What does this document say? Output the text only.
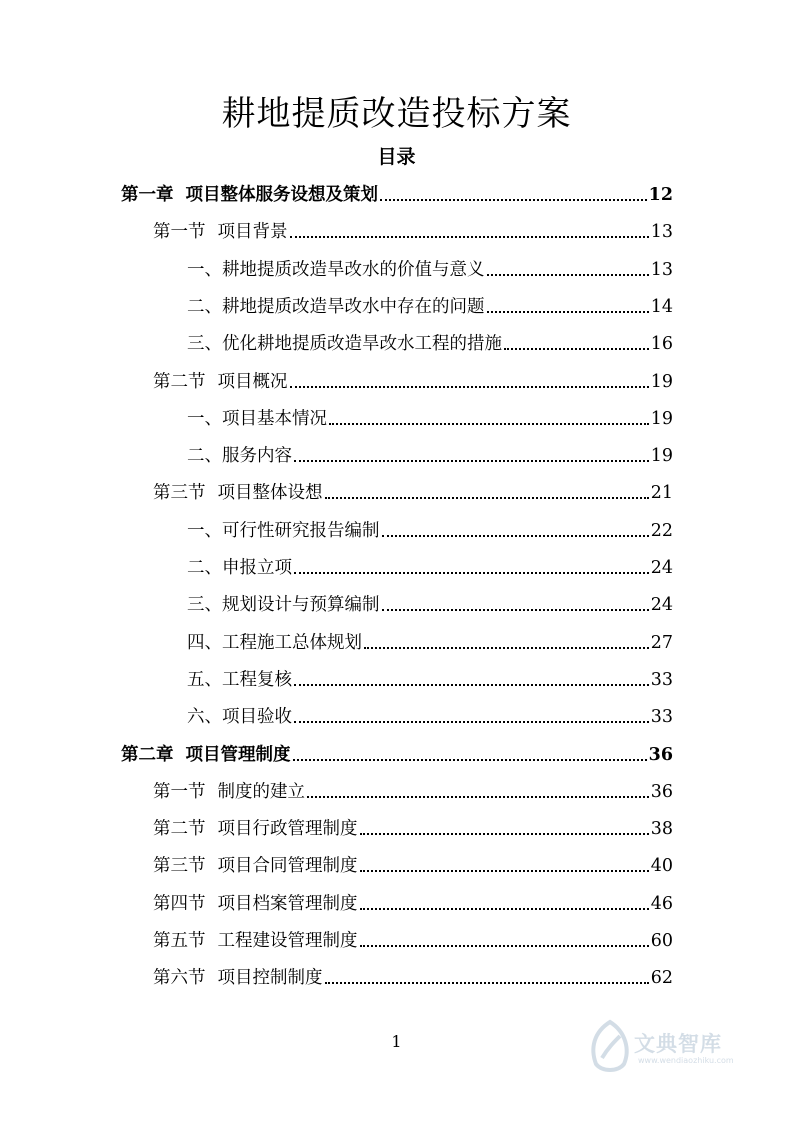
耕地提质改造投标方案
目录
第一章 项目整体服务设想及策划	12
第一节 项目背景	13
一、耕地提质改造旱改水的价值与意义	13
二、耕地提质改造旱改水中存在的问题	14
三、优化耕地提质改造旱改水工程的措施	16
第二节 项目概况	19
一、项目基本情况	19
二、服务内容	19
第三节 项目整体设想	21
一、可行性研究报告编制	22
二、申报立项	24
三、规划设计与预算编制	24
四、工程施工总体规划	27
五、工程复核	33
六、项目验收	33
第二章 项目管理制度	36
第一节 制度的建立	36
第二节 项目行政管理制度	38
第三节 项目合同管理制度	40
第四节 项目档案管理制度	46
第五节 工程建设管理制度	60
第六节 项目控制制度	62
1	文典智库
www.wendiaozhiku.com
